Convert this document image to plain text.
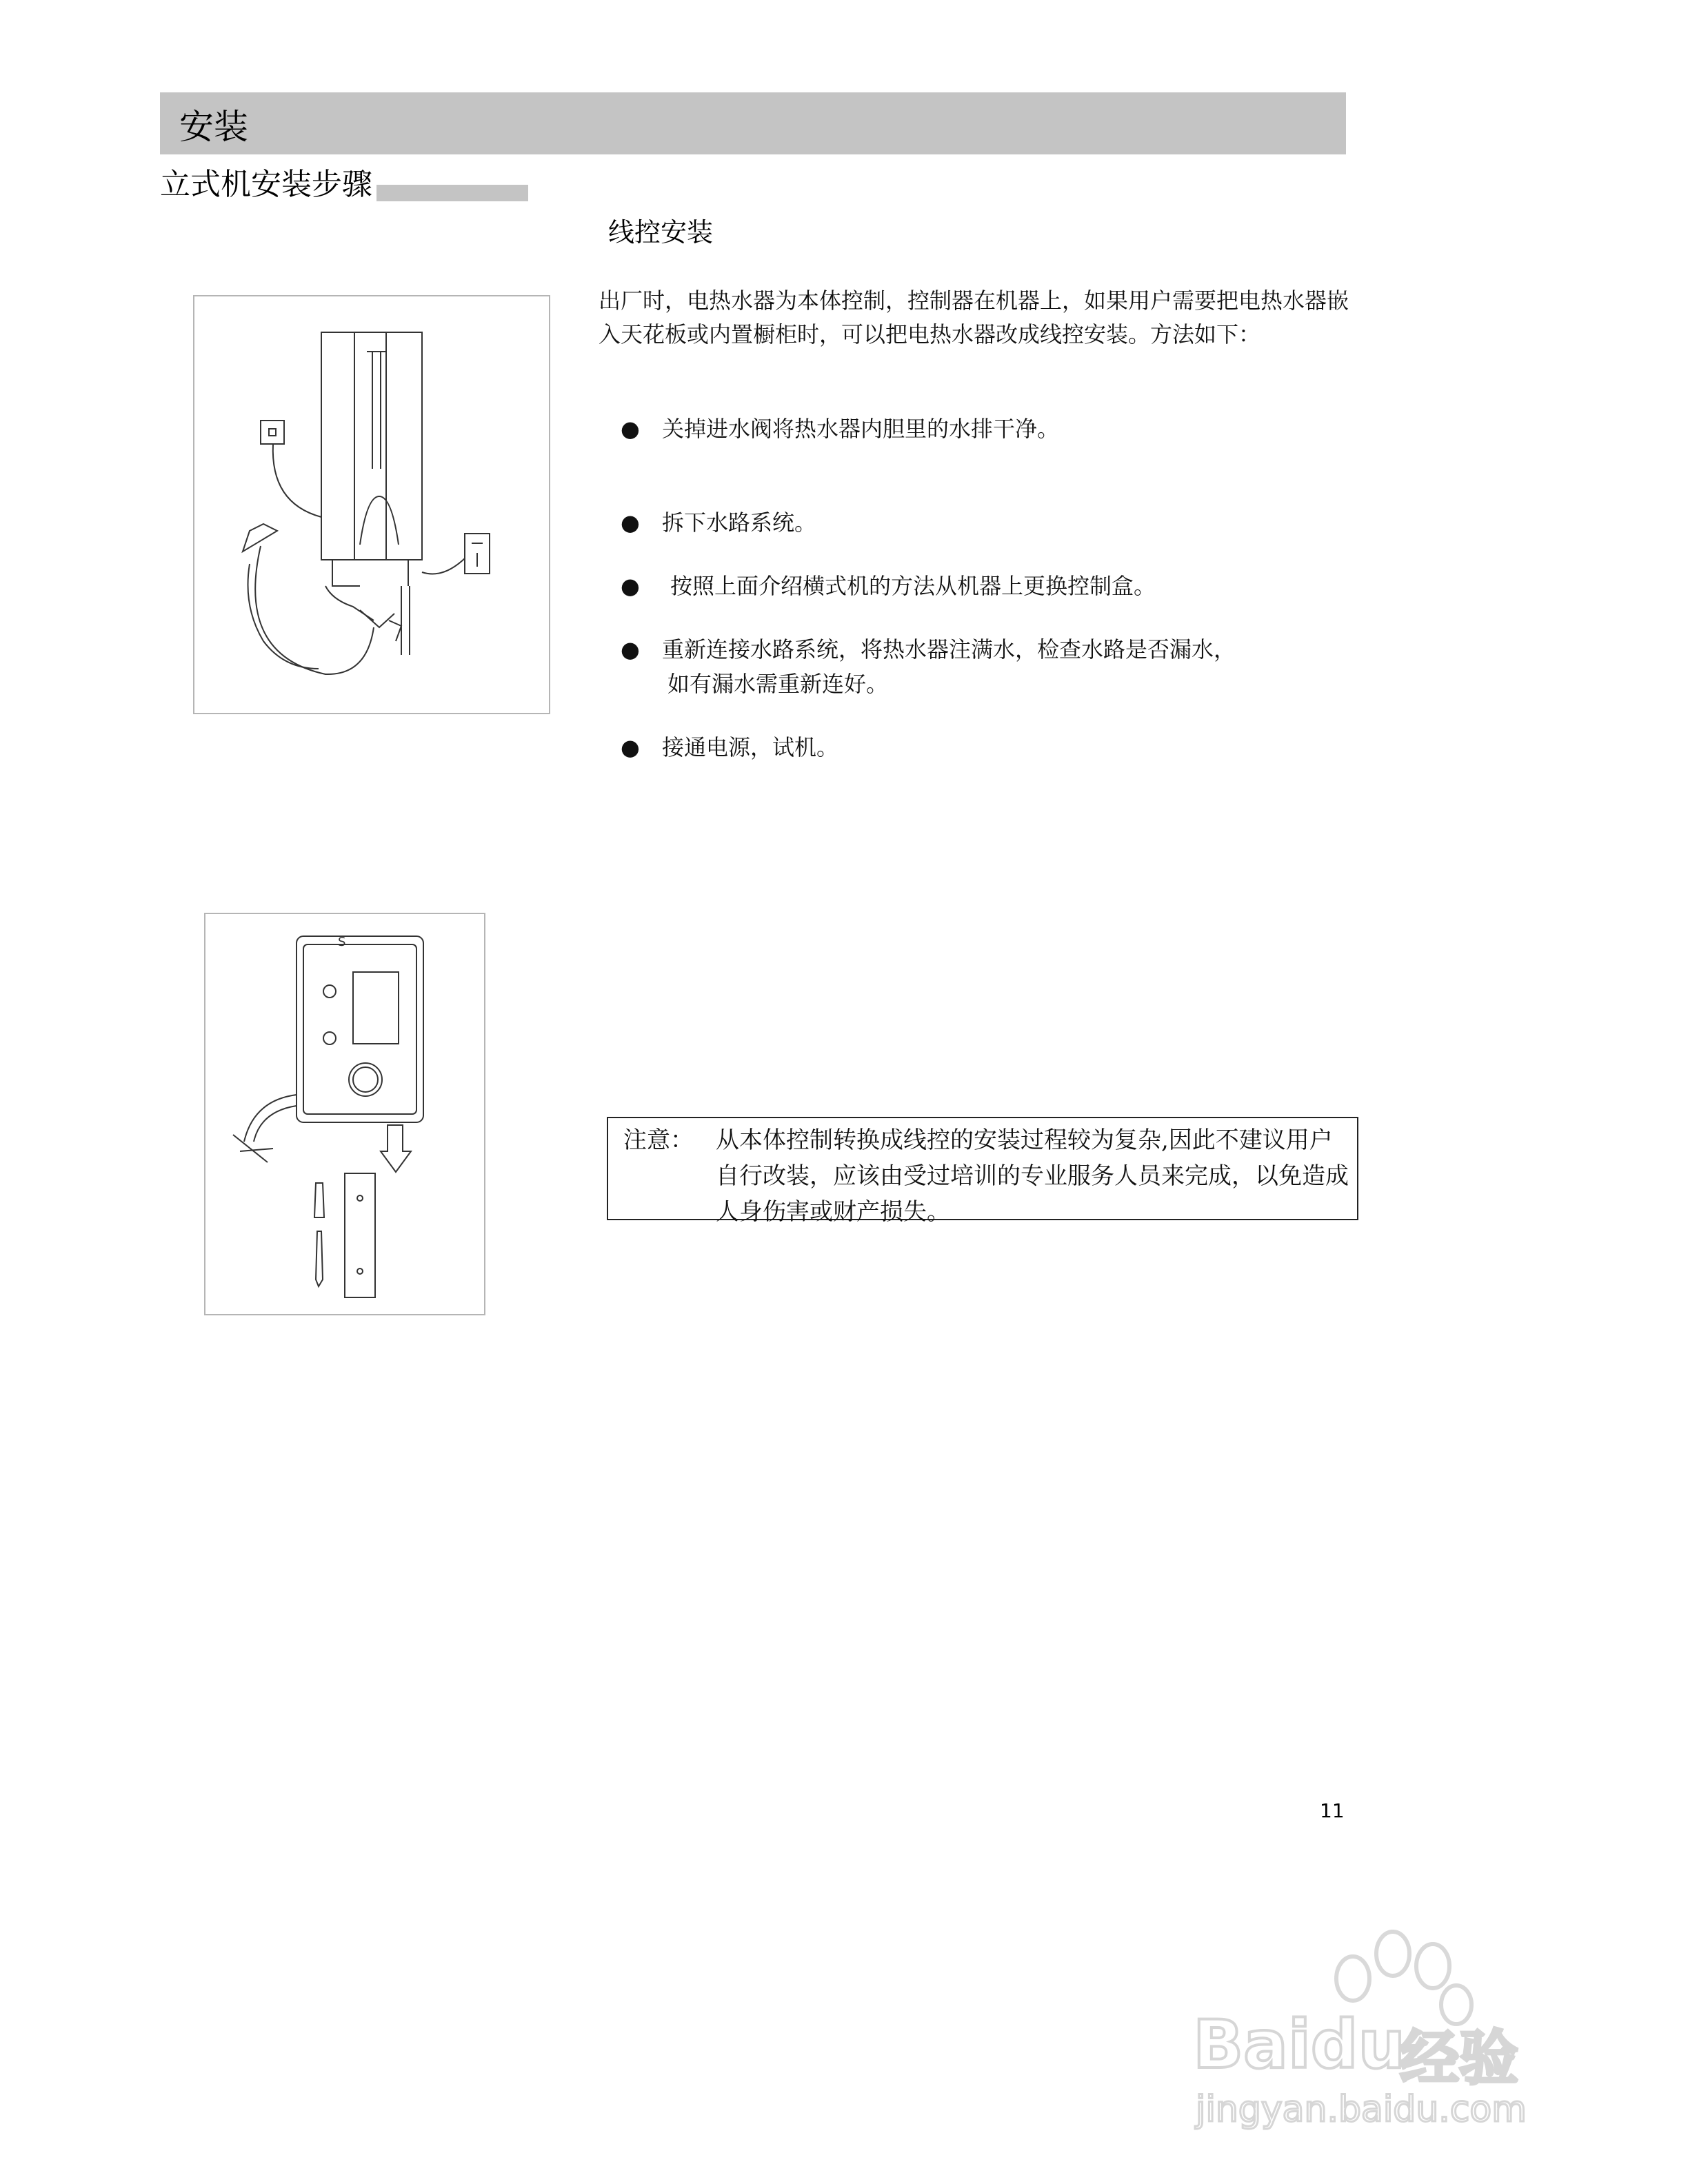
安装
立式机安装步骤
线控安装
出厂时，电热水器为本体控制，控制器在机器上，如果用户需要把电热水器嵌入天花板或内置橱柜时，可以把电热水器改成线控安装。方法如下：
● 关掉进水阀将热水器内胆里的水排干净。
● 拆下水路系统。
● 按照上面介绍横式机的方法从机器上更换控制盒。
● 重新连接水路系统，将热水器注满水，检查水路是否漏水，
如有漏水需重新连好。
● 接通电源，试机。
S
注意： 从本体控制转换成线控的安装过程较为复杂,因此不建议用户自行改装，应该由受过培训的专业服务人员来完成，以免造成人身伤害或财产损失。
11
Baidu
经验
jingyan.baidu.com
